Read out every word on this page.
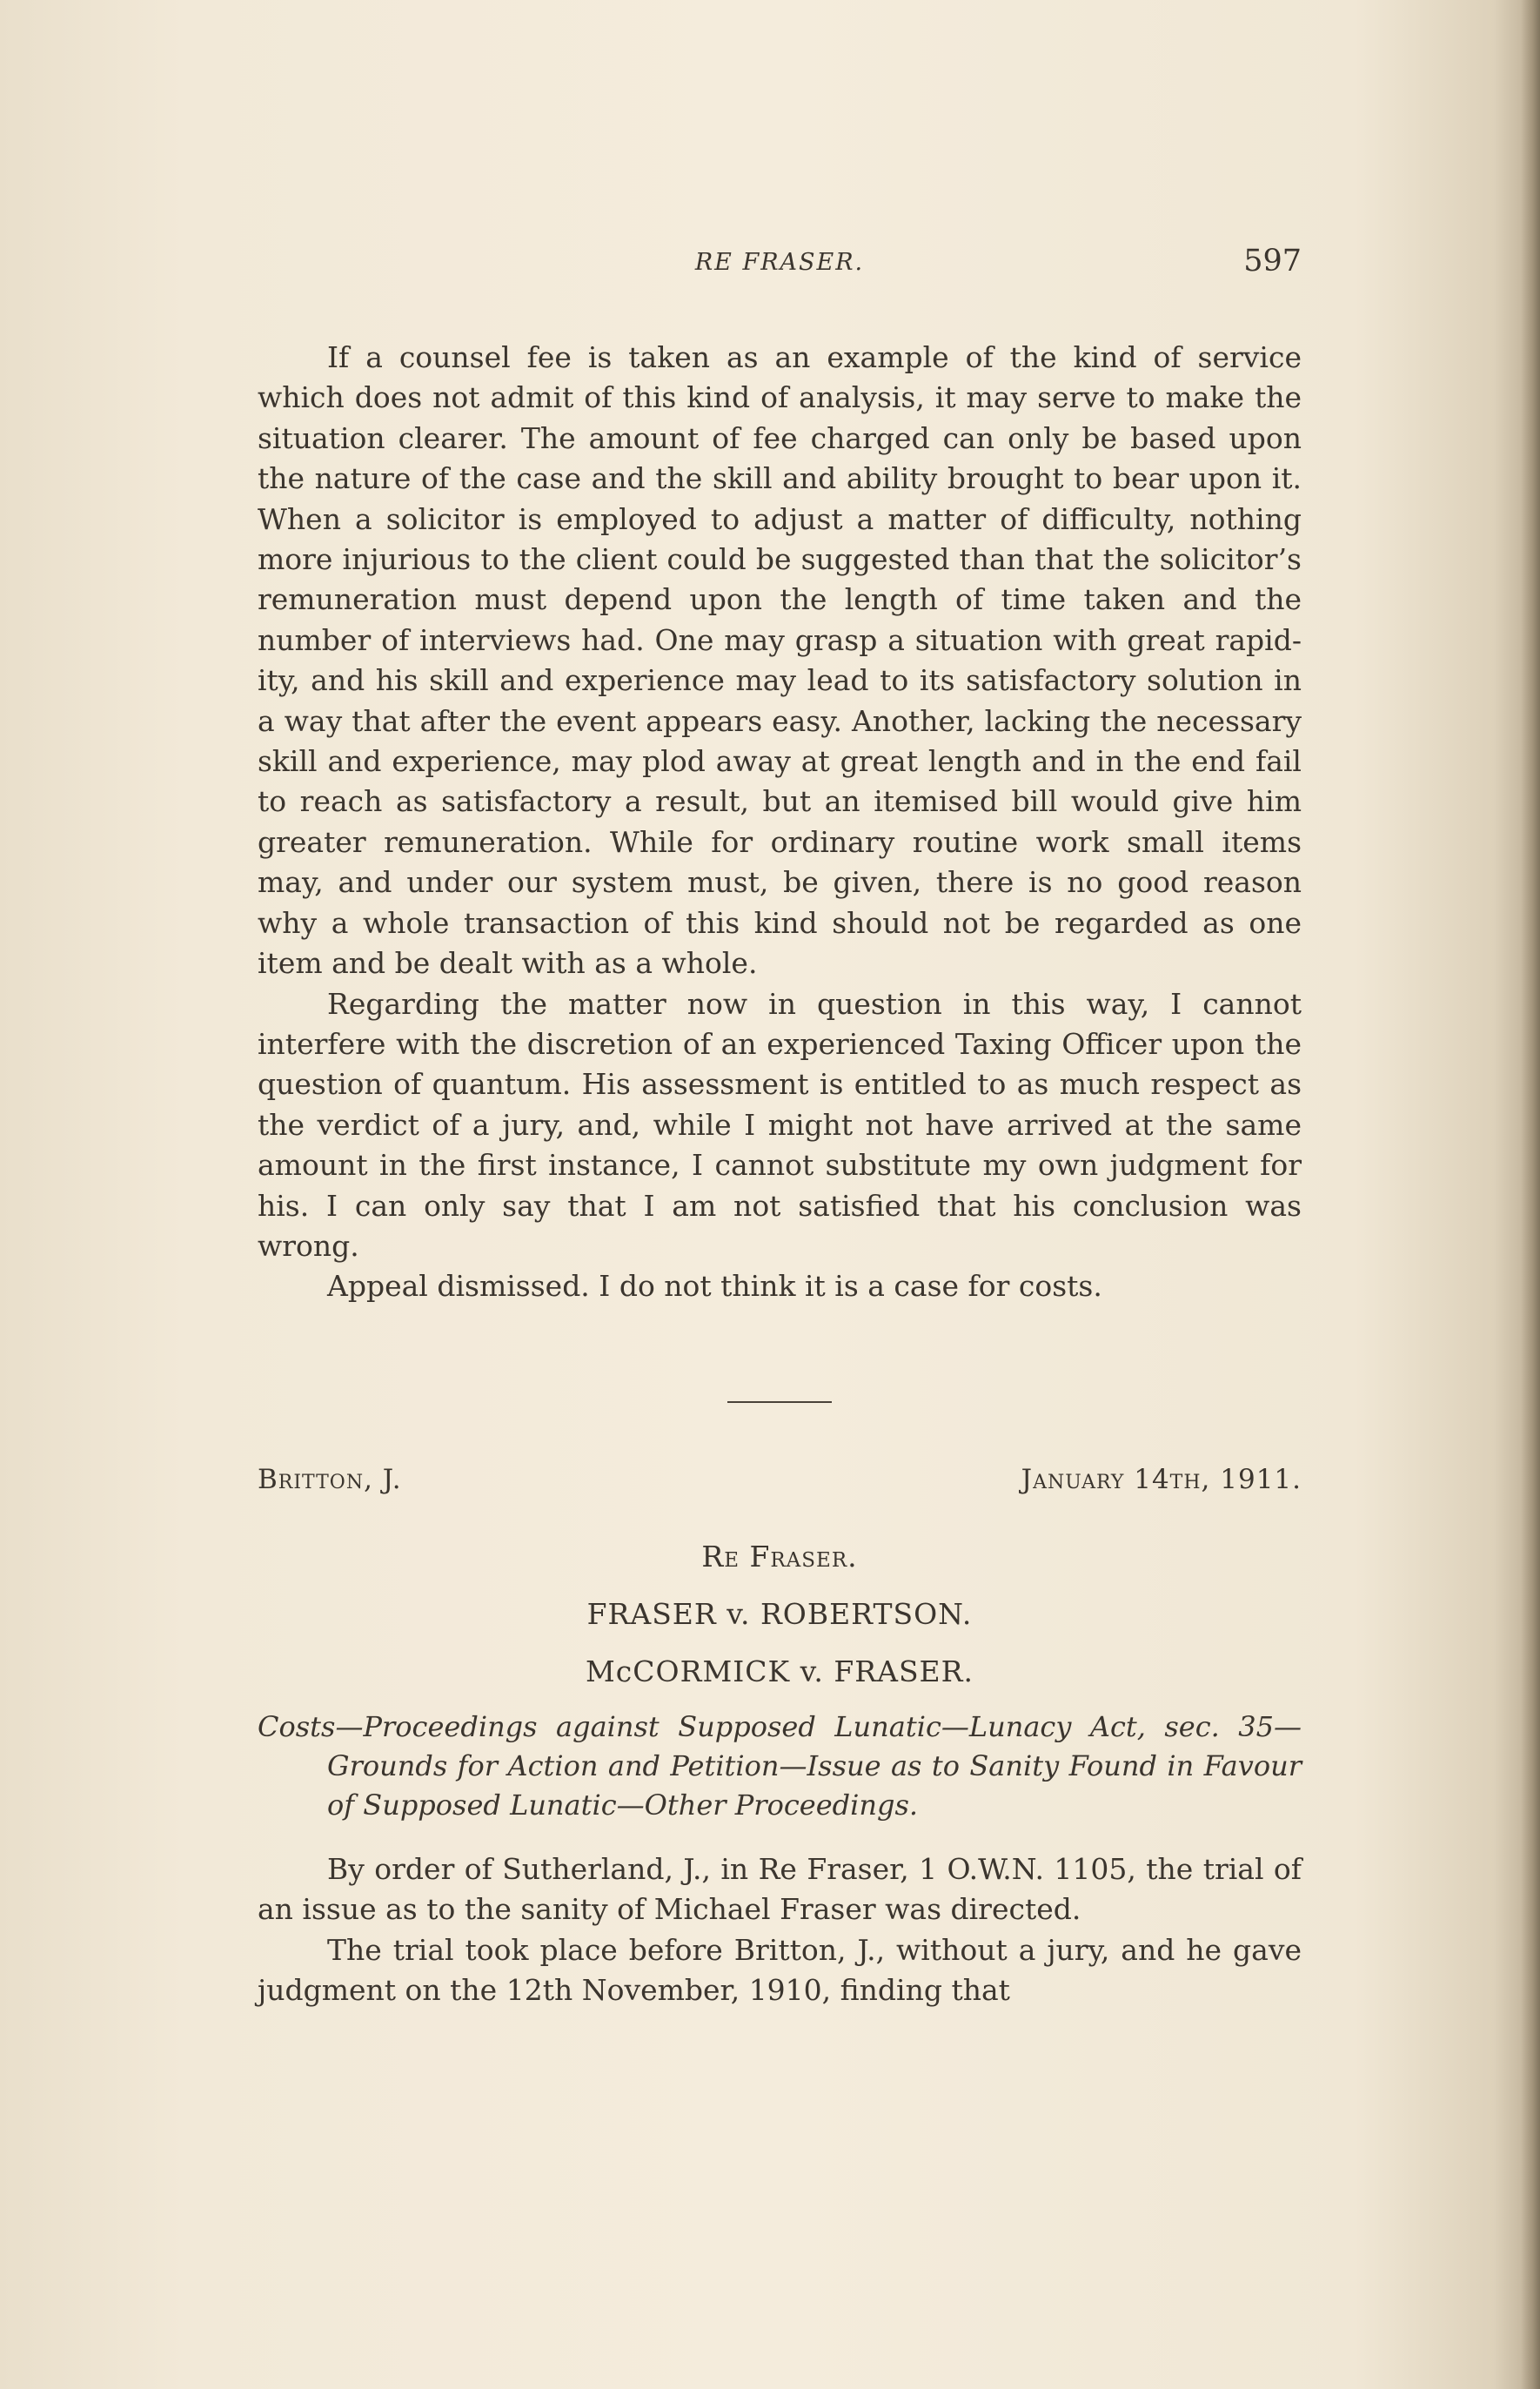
RE FRASER.	597

If a counsel fee is taken as an example of the kind of service which does not admit of this kind of analysis, it may serve to make the situation clearer. The amount of fee charged can only be based upon the nature of the case and the skill and ability brought to bear upon it. When a solicitor is employed to adjust a matter of difficulty, nothing more injurious to the client could be suggested than that the solicitor’s remuneration must depend upon the length of time taken and the number of interviews had. One may grasp a situation with great rapidity, and his skill and experience may lead to its satisfactory solution in a way that after the event appears easy. Another, lacking the necessary skill and experience, may plod away at great length and in the end fail to reach as satisfactory a result, but an itemised bill would give him greater remuneration. While for ordinary routine work small items may, and under our system must, be given, there is no good reason why a whole transaction of this kind should not be regarded as one item and be dealt with as a whole.

Regarding the matter now in question in this way, I cannot interfere with the discretion of an experienced Taxing Officer upon the question of quantum. His assessment is entitled to as much respect as the verdict of a jury, and, while I might not have arrived at the same amount in the first instance, I cannot substitute my own judgment for his. I can only say that I am not satisfied that his conclusion was wrong.

Appeal dismissed. I do not think it is a case for costs.

Britton, J.	January 14th, 1911.
Re Fraser.
FRASER v. ROBERTSON.
McCORMICK v. FRASER.

Costs—Proceedings against Supposed Lunatic—Lunacy Act, sec. 35—Grounds for Action and Petition—Issue as to Sanity Found in Favour of Supposed Lunatic—Other Proceedings.

By order of Sutherland, J., in Re Fraser, 1 O.W.N. 1105, the trial of an issue as to the sanity of Michael Fraser was directed.

The trial took place before Britton, J., without a jury, and he gave judgment on the 12th November, 1910, finding that
